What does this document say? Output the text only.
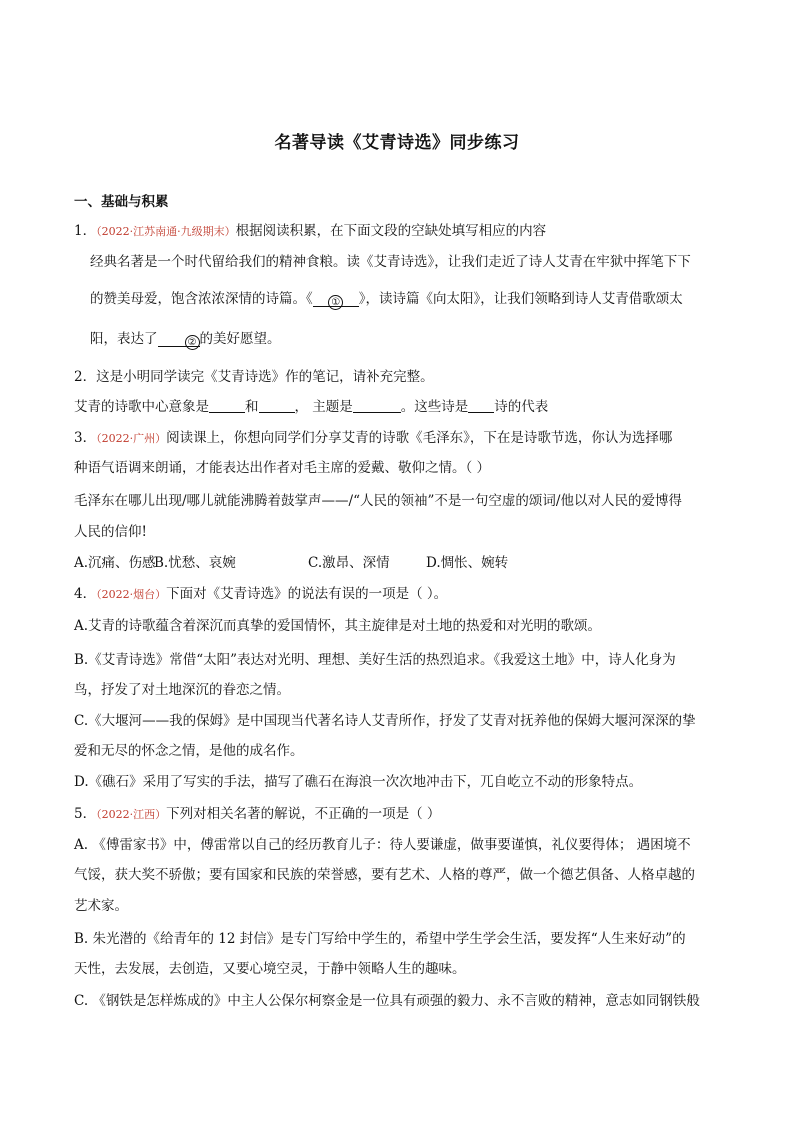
名著导读《艾青诗选》同步练习
一、基础与积累
1．（2022·江苏南通·九级期末）根据阅读积累，在下面文段的空缺处填写相应的内容
经典名著是一个时代留给我们的精神食粮。读《艾青诗选》，让我们走近了诗人艾青在牢狱中挥笔下下
的赞美母爱，饱含浓浓深情的诗篇。《 ① 》，读诗篇《向太阳》，让我们领略到诗人艾青借歌颂太
阳，表达了	② 的美好愿望。
2．这是小明同学读完《艾青诗选》作的笔记，请补充完整。
艾青的诗歌中心意象是	和	， 主题是	。这些诗是 诗的代表
3．（2022·广州）阅读课上，你想向同学们分享艾青的诗歌《毛泽东》，下在是诗歌节选，你认为选择哪
种语气语调来朗诵，才能表达出作者对毛主席的爱戴、敬仰之情。（ ）
毛泽东在哪儿出现/哪儿就能沸腾着鼓掌声——/“人民的领袖”不是一句空虚的颂词/他以对人民的爱博得
人民的信仰!
A.沉痛、伤感B.忧愁、哀婉	C.激昂、深情	D.惆怅、婉转
4．（2022·烟台）下面对《艾青诗选》的说法有误的一项是（ ）。
A.艾青的诗歌蕴含着深沉而真挚的爱国情怀，其主旋律是对土地的热爱和对光明的歌颂。
B.《艾青诗选》常借“太阳”表达对光明、理想、美好生活的热烈追求。《我爱这土地》中，诗人化身为
鸟，抒发了对土地深沉的眷恋之情。
C.《大堰河——我的保姆》是中国现当代著名诗人艾青所作，抒发了艾青对抚养他的保姆大堰河深深的挚
爱和无尽的怀念之情，是他的成名作。
D.《礁石》采用了写实的手法，描写了礁石在海浪一次次地冲击下，兀自屹立不动的形象特点。
5．（2022·江西）下列对相关名著的解说，不正确的一项是（ ）
A. 《傅雷家书》中，傅雷常以自己的经历教育儿子：待人要谦虚，做事要谨慎，礼仪要得体； 遇困境不
气馁，获大奖不骄傲；要有国家和民族的荣誉感，要有艺术、人格的尊严，做一个德艺俱备、人格卓越的
艺术家。
B. 朱光潜的《给青年的 12 封信》是专门写给中学生的，希望中学生学会生活，要发挥“人生来好动”的
天性，去发展，去创造，又要心境空灵，于静中领略人生的趣味。
C. 《钢铁是怎样炼成的》中主人公保尔柯察金是一位具有顽强的毅力、永不言败的精神，意志如同钢铁般
